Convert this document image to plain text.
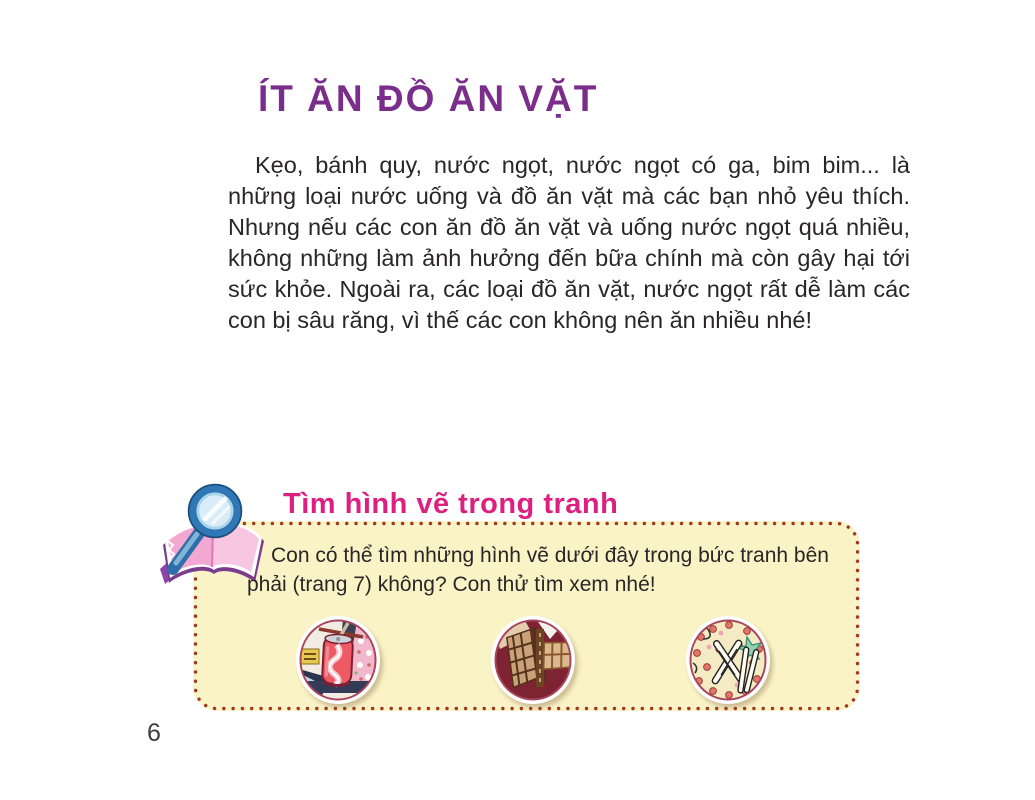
ÍT ĂN ĐỒ ĂN VẶT

Kẹo, bánh quy, nước ngọt, nước ngọt có ga, bim bim... là những loại nước uống và đồ ăn vặt mà các bạn nhỏ yêu thích. Nhưng nếu các con ăn đồ ăn vặt và uống nước ngọt quá nhiều, không những làm ảnh hưởng đến bữa chính mà còn gây hại tới sức khỏe. Ngoài ra, các loại đồ ăn vặt, nước ngọt rất dễ làm các con bị sâu răng, vì thế các con không nên ăn nhiều nhé!

Tìm hình vẽ trong tranh

Con có thể tìm những hình vẽ dưới đây trong bức tranh bên phải (trang 7) không? Con thử tìm xem nhé!

6
